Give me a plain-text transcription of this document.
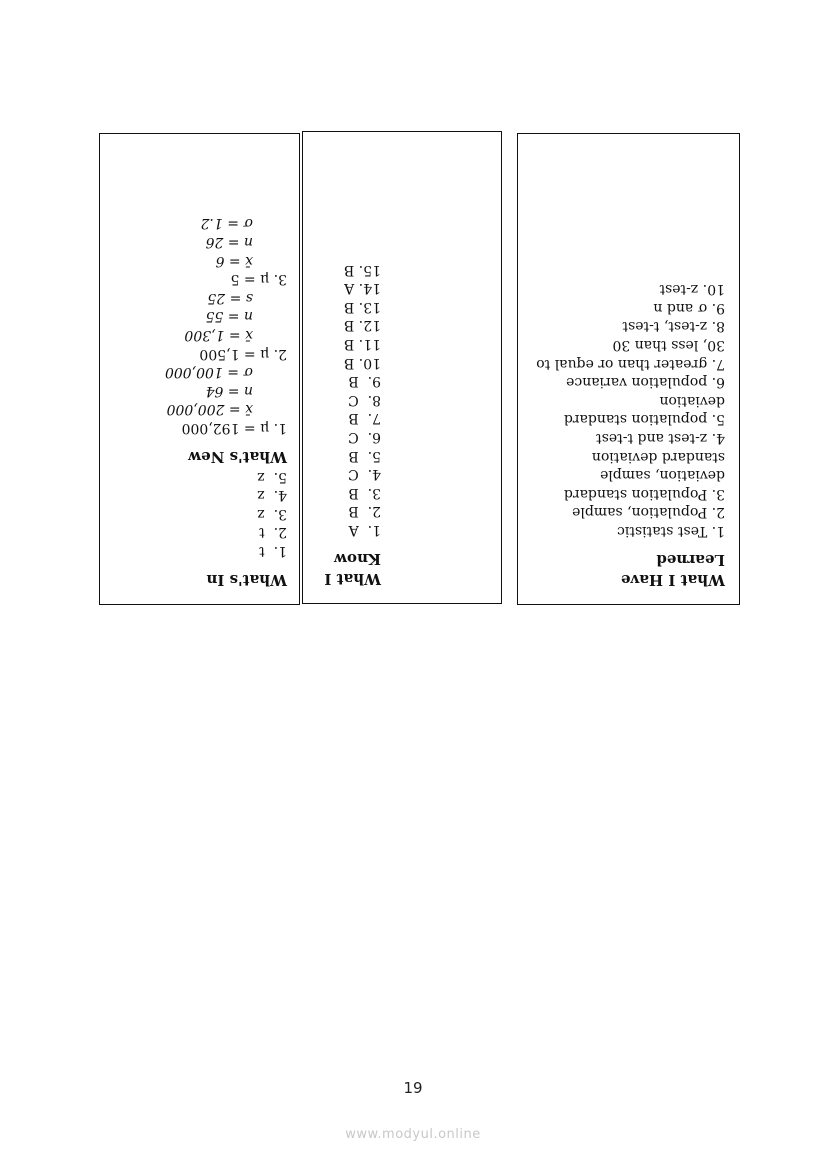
What I Have
Learned
1. Test statistic
2. Population, sample
3. Population standard
deviation, sample
standard deviation
4. z-test and t-test
5. population standard
deviation
6. population variance
7. greater than or equal to
30, less than 30
8. z-test, t-test
9. σ and n
10. z-test
What I Know
1.  A
2.  B
3.  B
4.  C
5.  B
6.  C
7.  B
8.  C
9.  B
10. B
11. B
12. B
13. B
14. A
15. B
What's In
1.  t
2.  t
3.  z
4.  z
5.  z
What's New
1. μ = 192,000
x̄ = 200,000
n = 64
σ = 100,000
2. μ = 1,500
x̄ = 1,300
n = 55
s = 25
3. μ = 5
x̄ = 6
n = 26
σ = 1.2
19
www.modyul.online
